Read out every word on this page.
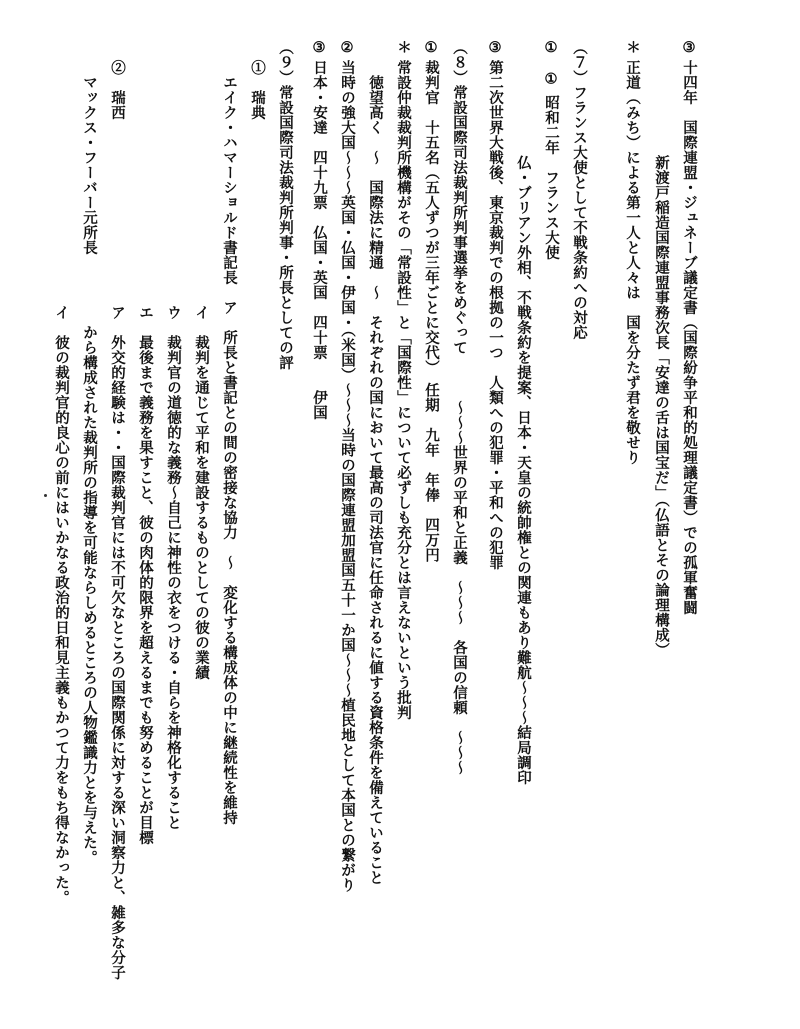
③
十四年　国際連盟・ジュネーブ議定書（国際紛争平和的処理議定書）での孤軍奮闘
新渡戸稲造国際連盟事務次長「安達の舌は国宝だ」（仏語とその論理構成）
＊
正道（みち）による第一人と人々は　国を分たず君を敬せり
（７）フランス大使として不戦条約への対応
①　①
昭和二年　フランス大使
仏・ブリアン外相、不戦条約を提案、日本・天皇の統帥権との関連もあり難航～～～結局調印
③
第二次世界大戦後、東京裁判での根拠の一つ　人類への犯罪・平和への犯罪
（８）常設国際司法裁判所判事選挙をめぐって　　　～～～世界の平和と正義　～～～　各国の信頼　～～～
①
裁判官　十五名（五人ずつが三年ごとに交代）　任期　九年　年俸　四万円
＊
常設仲裁裁判所機構がその「常設性」と「国際性」について必ずしも充分とは言えないという批判
徳望高く　～　国際法に精通　～　それぞれの国において最高の司法官に任命されるに値する資格条件を備えていること
②
当時の強大国～～～英国・仏国・伊国・（米国）～～～当時の国際連盟加盟国五十一か国～～～植民地として本国との繋がり
③
日本・安達　四十九票　仏国・英国　四十票　　伊国
（９）常設国際司法裁判所判事・所長としての評
①　瑞典
エイク・ハマーショルド書記長　ア　所長と書記との間の密接な協力　～　変化する構成体の中に継続性を維持
イ　裁判を通じて平和を建設するものとしての彼の業績
ウ　裁判官の道徳的な義務～自己に神性の衣をつける・自らを神格化すること
エ　最後まで義務を果すこと、彼の肉体的限界を超えるまでも努めることが目標
②　瑞西
ア　外交的経験は・・国際裁判官には不可欠なところの国際関係に対する深い洞察力と、雑多な分子
マックス・フーバー元所長
から構成された裁判所の指導を可能ならしめるところの人物鑑識力とを与えた。
イ　彼の裁判官的良心の前にはいかなる政治的日和見主義もかつて力をもち得なかった。
